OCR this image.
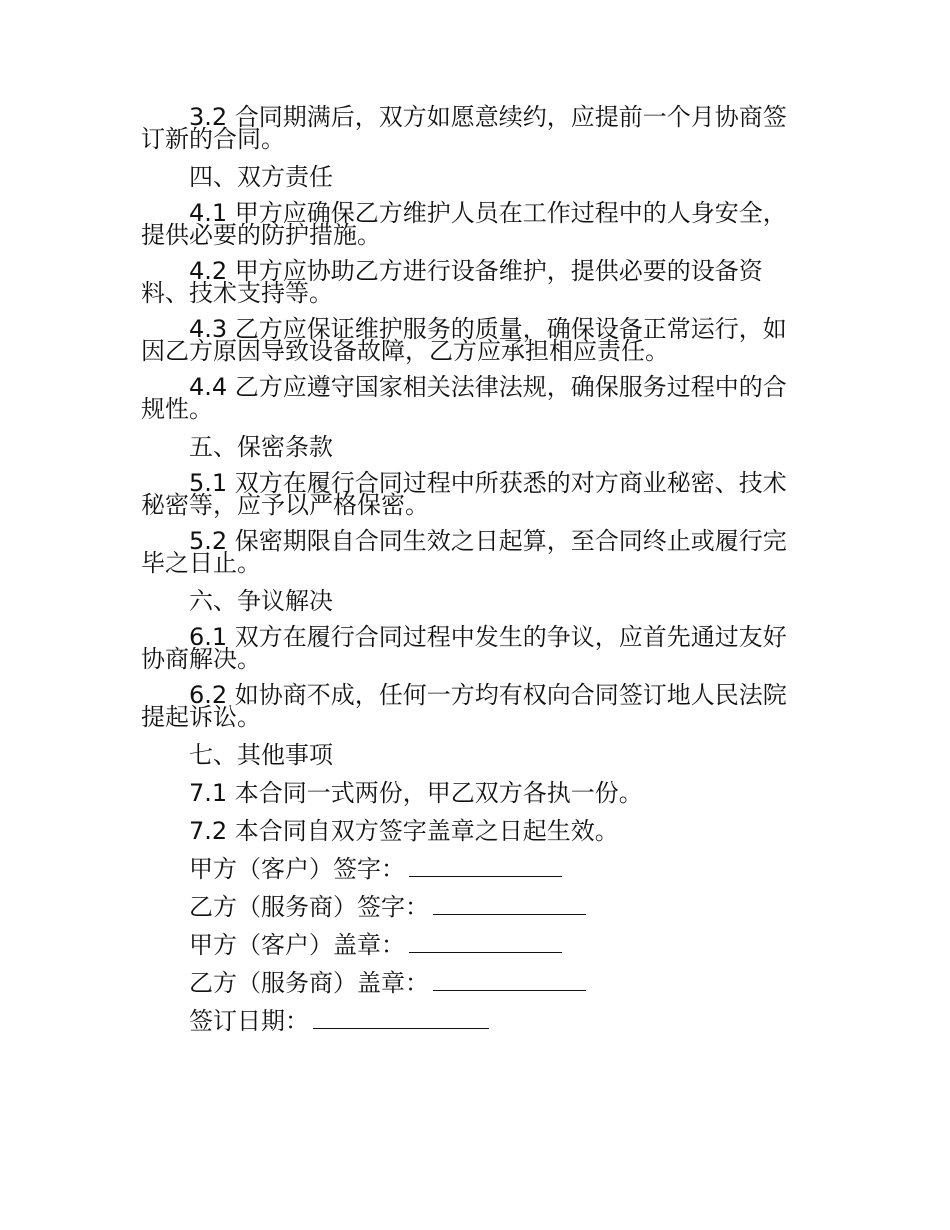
3.2 合同期满后，双方如愿意续约，应提前一个月协商签订新的合同。

四、双方责任

4.1 甲方应确保乙方维护人员在工作过程中的人身安全，提供必要的防护措施。

4.2 甲方应协助乙方进行设备维护，提供必要的设备资料、技术支持等。

4.3 乙方应保证维护服务的质量，确保设备正常运行，如因乙方原因导致设备故障，乙方应承担相应责任。

4.4 乙方应遵守国家相关法律法规，确保服务过程中的合规性。

五、保密条款

5.1 双方在履行合同过程中所获悉的对方商业秘密、技术秘密等，应予以严格保密。

5.2 保密期限自合同生效之日起算，至合同终止或履行完毕之日止。

六、争议解决

6.1 双方在履行合同过程中发生的争议，应首先通过友好协商解决。

6.2 如协商不成，任何一方均有权向合同签订地人民法院提起诉讼。

七、其他事项
7.1 本合同一式两份，甲乙双方各执一份。
7.2 本合同自双方签字盖章之日起生效。
甲方（客户）签字：
乙方（服务商）签字：
甲方（客户）盖章：
乙方（服务商）盖章：
签订日期：
